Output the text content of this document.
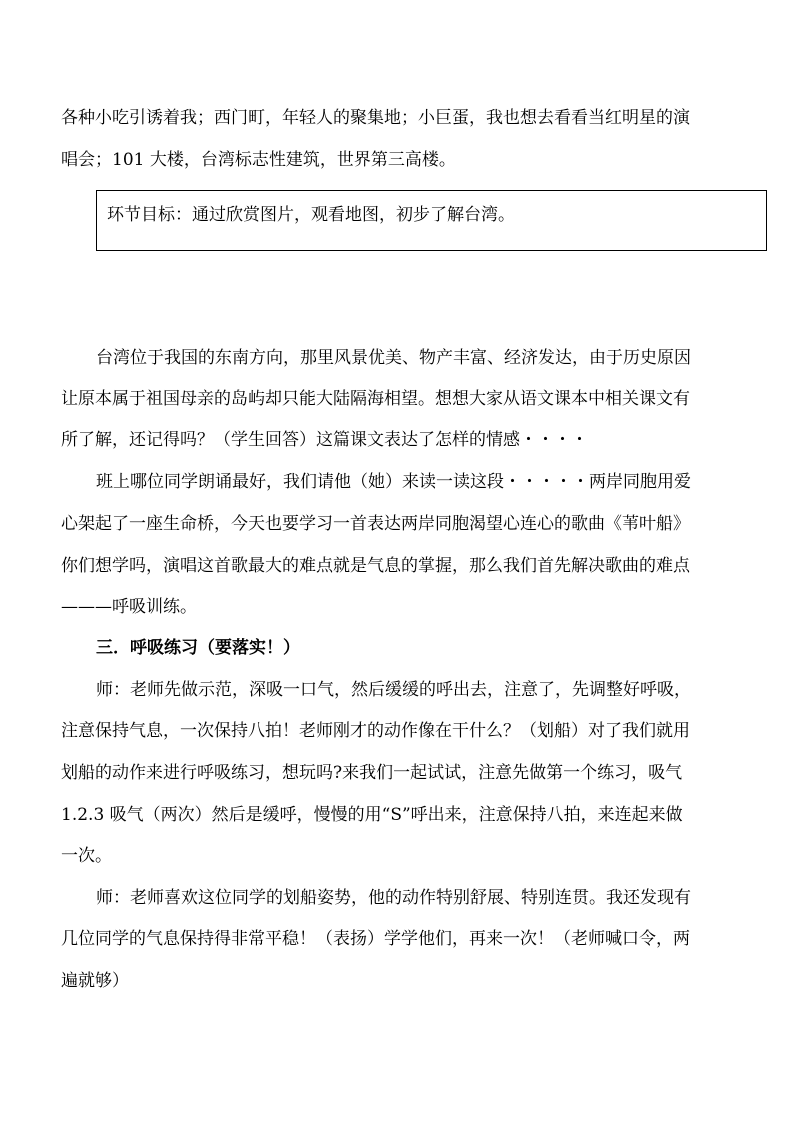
各种小吃引诱着我；西门町，年轻人的聚集地；小巨蛋，我也想去看看当红明星的演
唱会；101 大楼，台湾标志性建筑，世界第三高楼。
环节目标：通过欣赏图片，观看地图，初步了解台湾。
台湾位于我国的东南方向，那里风景优美、物产丰富、经济发达，由于历史原因
让原本属于祖国母亲的岛屿却只能大陆隔海相望。想想大家从语文课本中相关课文有
所了解，还记得吗？（学生回答）这篇课文表达了怎样的情感・・・・
班上哪位同学朗诵最好，我们请他（她）来读一读这段・・・・・两岸同胞用爱
心架起了一座生命桥，今天也要学习一首表达两岸同胞渴望心连心的歌曲《苇叶船》
你们想学吗，演唱这首歌最大的难点就是气息的掌握，那么我们首先解决歌曲的难点
———呼吸训练。
三．呼吸练习（要落实！）
师：老师先做示范，深吸一口气，然后缓缓的呼出去，注意了，先调整好呼吸，
注意保持气息，一次保持八拍！老师刚才的动作像在干什么？（划船）对了我们就用
划船的动作来进行呼吸练习，想玩吗?来我们一起试试，注意先做第一个练习，吸气
1.2.3 吸气（两次）然后是缓呼，慢慢的用“S”呼出来，注意保持八拍，来连起来做
一次。
师：老师喜欢这位同学的划船姿势，他的动作特别舒展、特别连贯。我还发现有
几位同学的气息保持得非常平稳！（表扬）学学他们，再来一次！（老师喊口令，两
遍就够）
